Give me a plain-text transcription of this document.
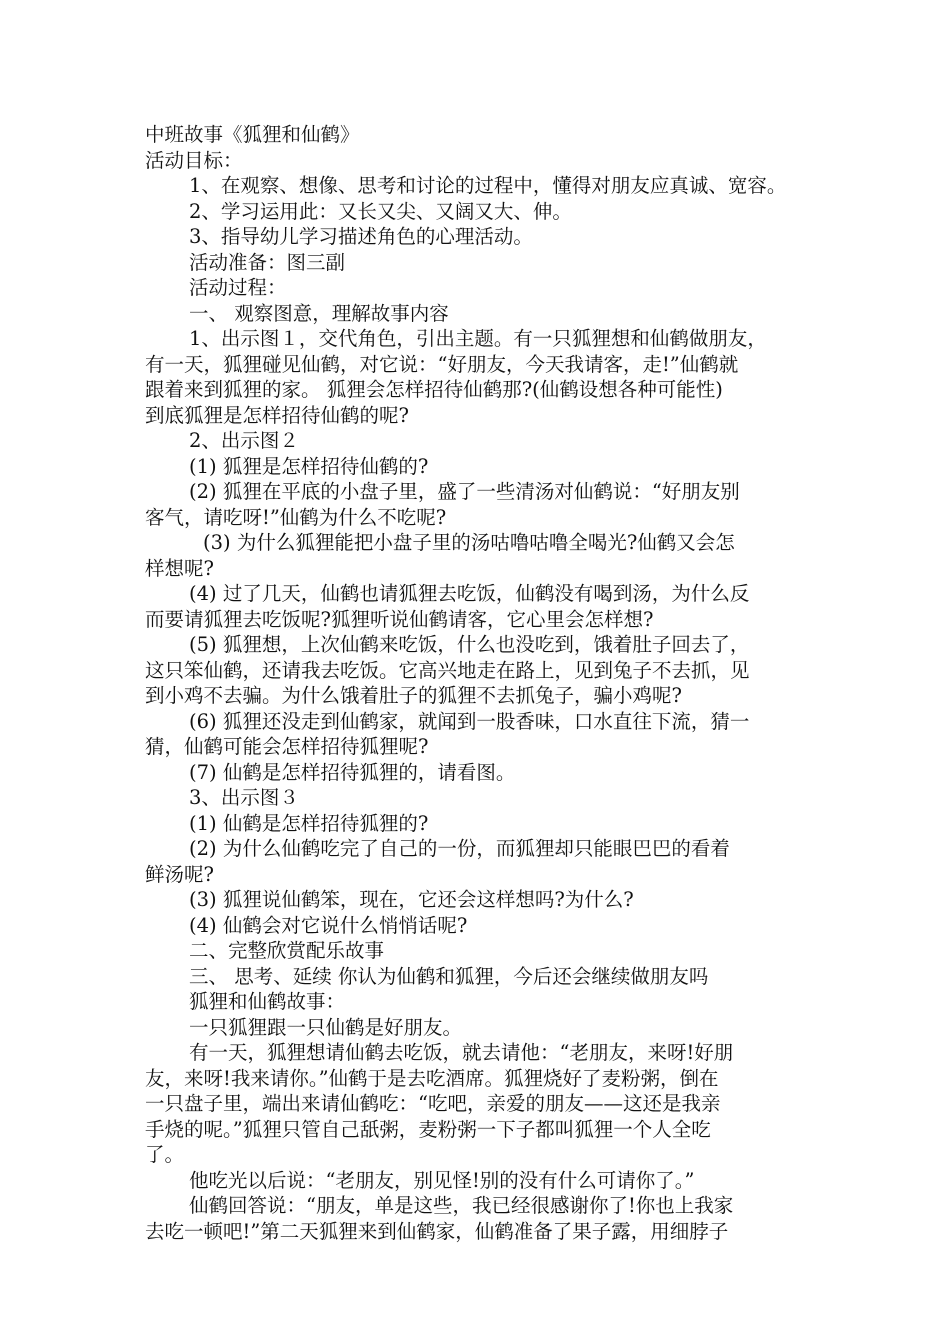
中班故事《狐狸和仙鹤》
活动目标：
1、在观察、想像、思考和讨论的过程中，懂得对朋友应真诚、宽容。
2、学习运用此：又长又尖、又阔又大、伸。
3、指导幼儿学习描述角色的心理活动。
活动准备：图三副
活动过程：
一、 观察图意，理解故事内容
1、出示图１，交代角色，引出主题。有一只狐狸想和仙鹤做朋友，
有一天，狐狸碰见仙鹤，对它说：“好朋友，今天我请客，走!”仙鹤就
跟着来到狐狸的家。 狐狸会怎样招待仙鹤那?(仙鹤设想各种可能性)
到底狐狸是怎样招待仙鹤的呢?
2、出示图２
(1) 狐狸是怎样招待仙鹤的?
(2) 狐狸在平底的小盘子里，盛了一些清汤对仙鹤说：“好朋友别
客气，请吃呀!”仙鹤为什么不吃呢?
(3) 为什么狐狸能把小盘子里的汤咕噜咕噜全喝光?仙鹤又会怎
样想呢?
(4) 过了几天，仙鹤也请狐狸去吃饭，仙鹤没有喝到汤，为什么反
而要请狐狸去吃饭呢?狐狸听说仙鹤请客，它心里会怎样想?
(5) 狐狸想，上次仙鹤来吃饭，什么也没吃到，饿着肚子回去了，
这只笨仙鹤，还请我去吃饭。它高兴地走在路上，见到兔子不去抓，见
到小鸡不去骗。为什么饿着肚子的狐狸不去抓兔子，骗小鸡呢?
(6) 狐狸还没走到仙鹤家，就闻到一股香味，口水直往下流，猜一
猜，仙鹤可能会怎样招待狐狸呢?
(7) 仙鹤是怎样招待狐狸的，请看图。
3、出示图３
(1) 仙鹤是怎样招待狐狸的?
(2) 为什么仙鹤吃完了自己的一份，而狐狸却只能眼巴巴的看着
鲜汤呢?
(3) 狐狸说仙鹤笨，现在，它还会这样想吗?为什么?
(4) 仙鹤会对它说什么悄悄话呢?
二、完整欣赏配乐故事
三、 思考、延续 你认为仙鹤和狐狸，今后还会继续做朋友吗
狐狸和仙鹤故事：
一只狐狸跟一只仙鹤是好朋友。
有一天，狐狸想请仙鹤去吃饭，就去请他：“老朋友，来呀!好朋
友，来呀!我来请你。”仙鹤于是去吃酒席。狐狸烧好了麦粉粥，倒在
一只盘子里，端出来请仙鹤吃：“吃吧，亲爱的朋友——这还是我亲
手烧的呢。”狐狸只管自己舐粥，麦粉粥一下子都叫狐狸一个人全吃
了。
他吃光以后说：“老朋友，别见怪!别的没有什么可请你了。”
仙鹤回答说：“朋友，单是这些，我已经很感谢你了!你也上我家
去吃一顿吧!”第二天狐狸来到仙鹤家，仙鹤准备了果子露，用细脖子
